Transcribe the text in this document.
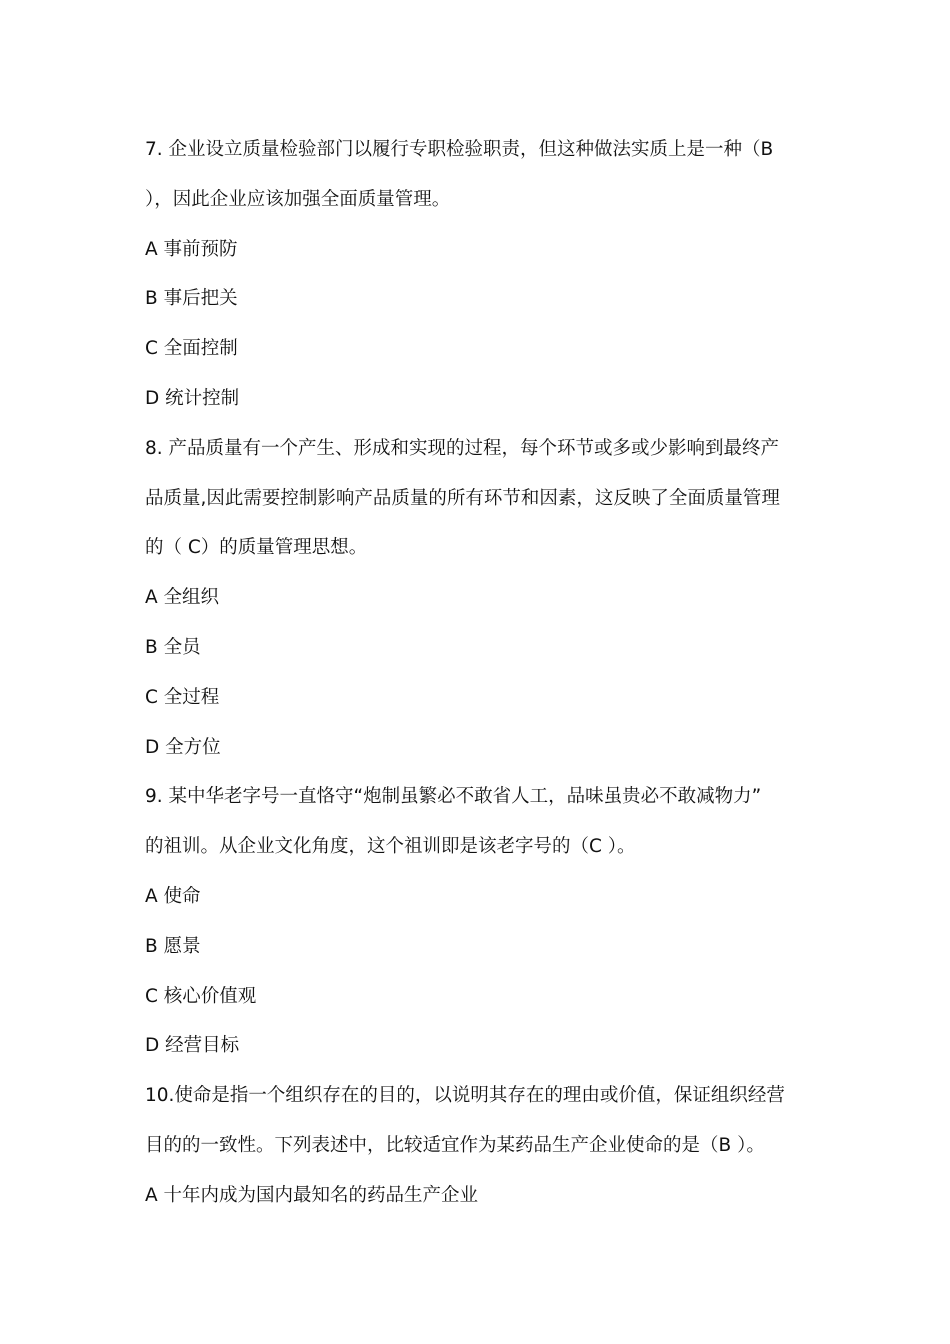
7. 企业设立质量检验部门以履行专职检验职责，但这种做法实质上是一种（B
），因此企业应该加强全面质量管理。
A 事前预防
B 事后把关
C 全面控制
D 统计控制
8. 产品质量有一个产生、形成和实现的过程，每个环节或多或少影响到最终产
品质量,因此需要控制影响产品质量的所有环节和因素，这反映了全面质量管理
的（ C）的质量管理思想。
A 全组织
B 全员
C 全过程
D 全方位
9. 某中华老字号一直恪守“炮制虽繁必不敢省人工，品味虽贵必不敢减物力”
的祖训。从企业文化角度，这个祖训即是该老字号的（C ）。
A 使命
B 愿景
C 核心价值观
D 经营目标
10.使命是指一个组织存在的目的，以说明其存在的理由或价值，保证组织经营
目的的一致性。下列表述中，比较适宜作为某药品生产企业使命的是（B ）。
A 十年内成为国内最知名的药品生产企业
